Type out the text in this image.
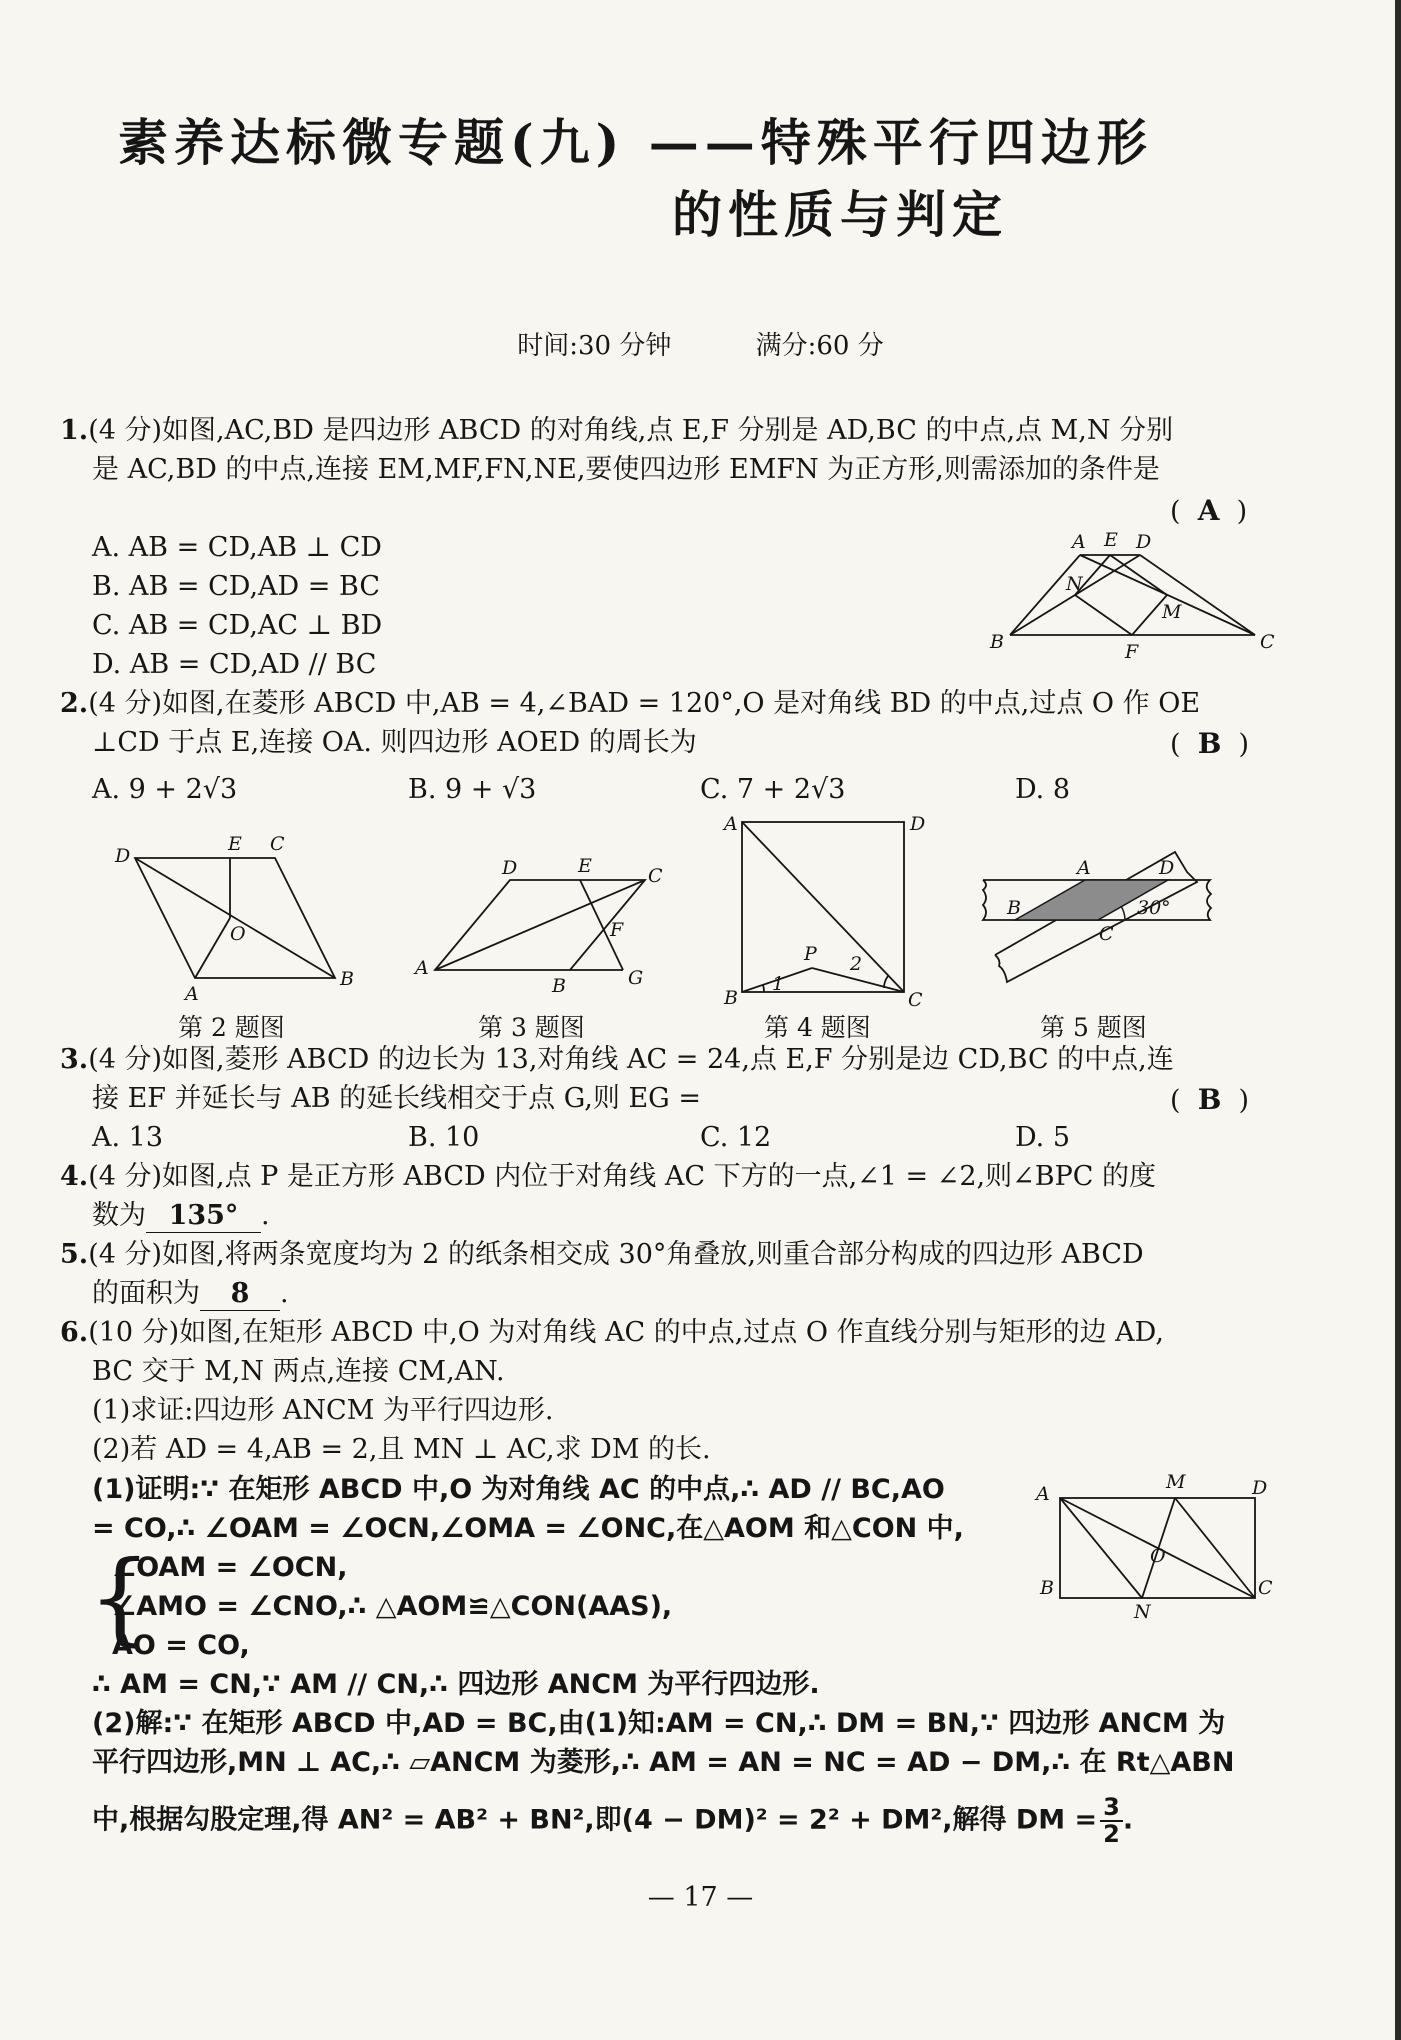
素养达标微专题(九) ——特殊平行四边形
的性质与判定
时间:30 分钟	满分:60 分
1.(4 分)如图,AC,BD 是四边形 ABCD 的对角线,点 E,F 分别是 AD,BC 的中点,点 M,N 分别
是 AC,BD 的中点,连接 EM,MF,FN,NE,要使四边形 EMFN 为正方形,则需添加的条件是
(  A  )
A. AB = CD,AB ⊥ CD
B. AB = CD,AD = BC
C. AB = CD,AC ⊥ BD
D. AB = CD,AD // BC
A E D
N
M
B	F	C
2.(4 分)如图,在菱形 ABCD 中,AB = 4,∠BAD = 120°,O 是对角线 BD 的中点,过点 O 作 OE
⊥CD 于点 E,连接 OA. 则四边形 AOED 的周长为	(  B  )
A. 9 + 2√3	B. 9 + √3	C. 7 + 2√3	D. 8
D
E C
O
A
B
第 2 题图
D	E	C
F
A
B	G
第 3 题图
A	D
P
1
2
B	C
第 4 题图
A	D
B
C
30°
第 5 题图
3.(4 分)如图,菱形 ABCD 的边长为 13,对角线 AC = 24,点 E,F 分别是边 CD,BC 的中点,连
接 EF 并延长与 AB 的延长线相交于点 G,则 EG =	(  B  )
A. 13	B. 10	C. 12	D. 5
4.(4 分)如图,点 P 是正方形 ABCD 内位于对角线 AC 下方的一点,∠1 = ∠2,则∠BPC 的度
数为 135° .
5.(4 分)如图,将两条宽度均为 2 的纸条相交成 30°角叠放,则重合部分构成的四边形 ABCD
的面积为 8 .
6.(10 分)如图,在矩形 ABCD 中,O 为对角线 AC 的中点,过点 O 作直线分别与矩形的边 AD,
BC 交于 M,N 两点,连接 CM,AN.
(1)求证:四边形 ANCM 为平行四边形.
(2)若 AD = 4,AB = 2,且 MN ⊥ AC,求 DM 的长.
A
M	D
O
B
N
C
(1)证明:∵ 在矩形 ABCD 中,O 为对角线 AC 的中点,∴ AD // BC,AO
= CO,∴ ∠OAM = ∠OCN,∠OMA = ∠ONC,在△AOM 和△CON 中,
{
∠OAM = ∠OCN,
∠AMO = ∠CNO,∴ △AOM≌△CON(AAS),
AO = CO,
∴ AM = CN,∵ AM // CN,∴ 四边形 ANCM 为平行四边形.
(2)解:∵ 在矩形 ABCD 中,AD = BC,由(1)知:AM = CN,∴ DM = BN,∵ 四边形 ANCM 为
平行四边形,MN ⊥ AC,∴ ▱ANCM 为菱形,∴ AM = AN = NC = AD − DM,∴ 在 Rt△ABN
中,根据勾股定理,得 AN² = AB² + BN²,即(4 − DM)² = 2² + DM²,解得 DM = $\frac{3}{2}$ .
— 17 —
